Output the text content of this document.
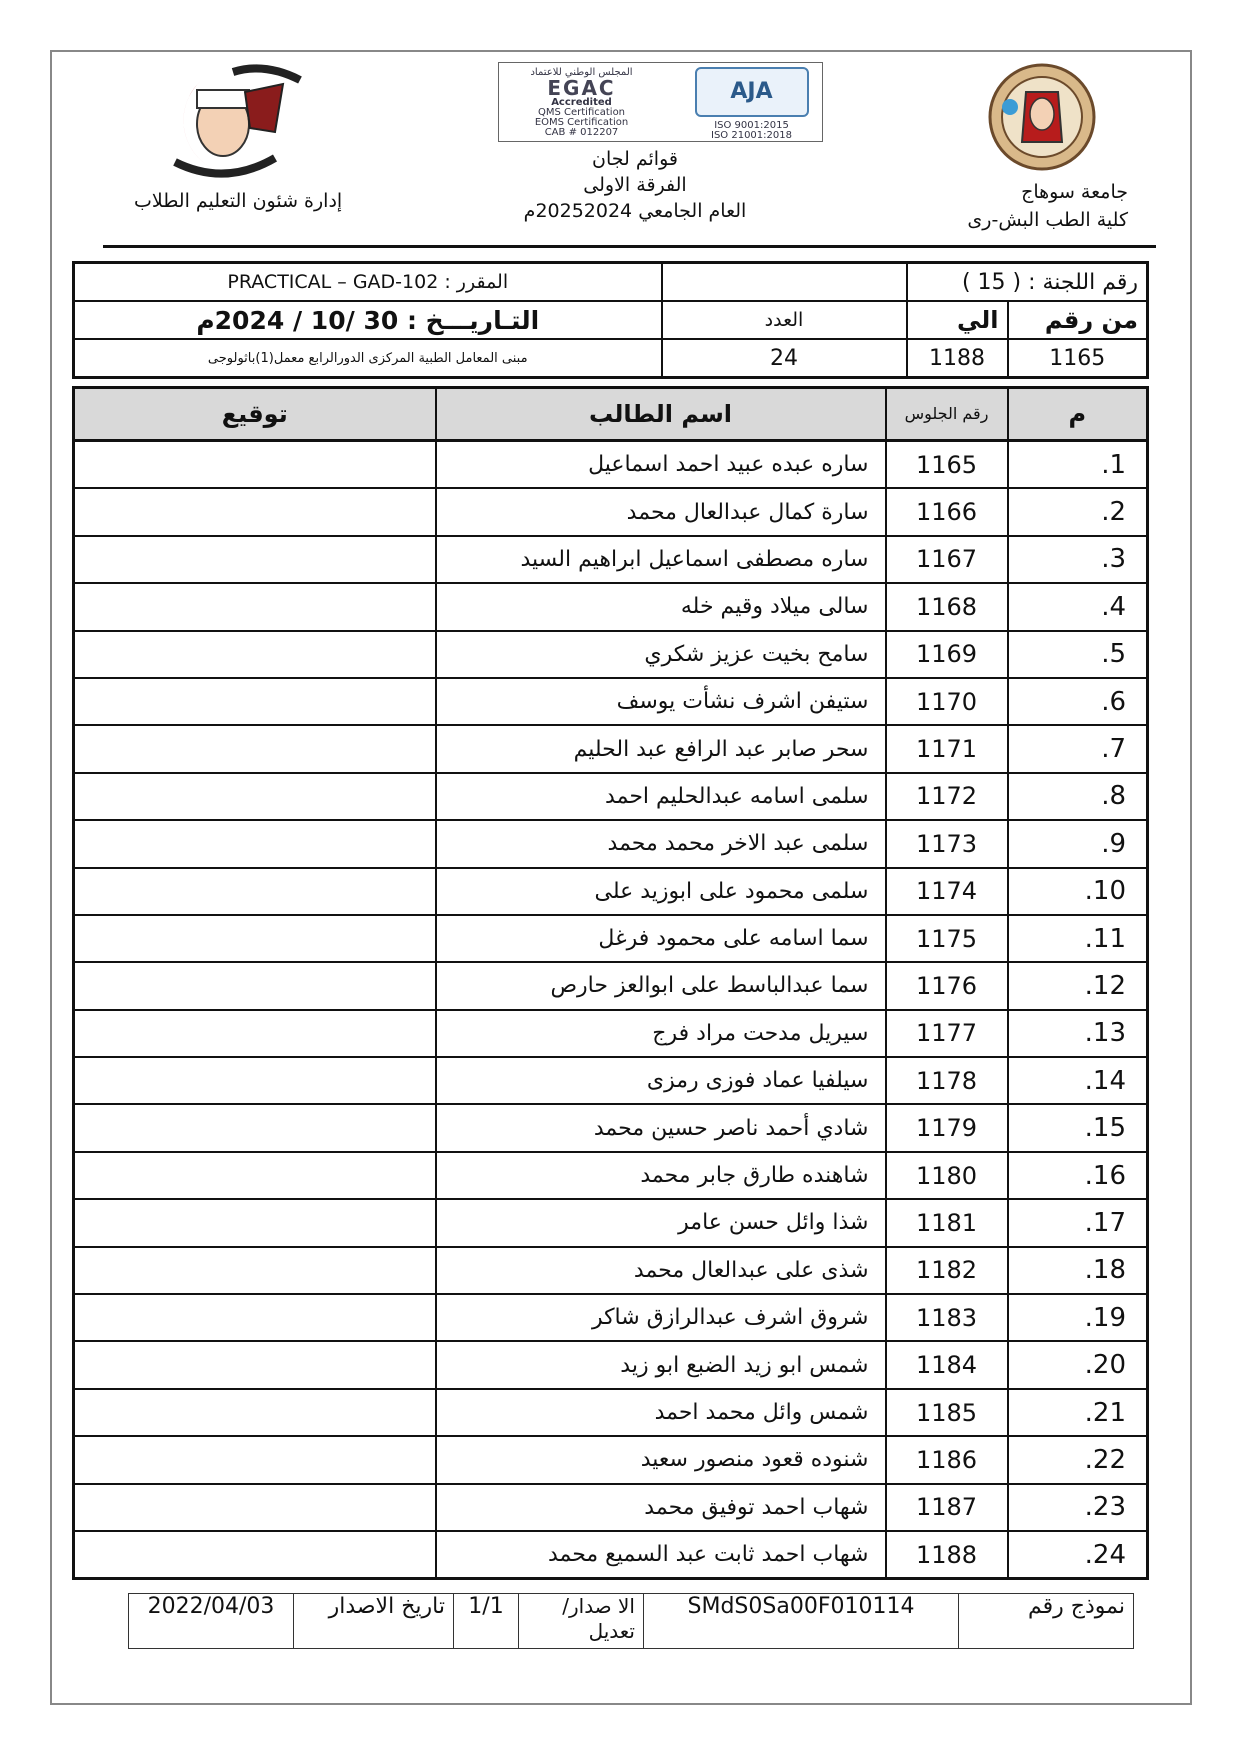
المجلس الوطني للاعتماد
EGAC
Accredited
QMS Certification
EOMS Certification
CAB # 012207
AJA
ISO 9001:2015
ISO 21001:2018
إدارة شئون التعليم الطلاب
قوائم لجان
الفرقة الاولى
العام الجامعي 20252024م
جامعة سوهاج
كلية الطب البش-رى
رقم اللجنة : ( 15 )			المقرر : PRACTICAL – GAD-102
من رقم	الي	العدد	التـاريـــخ : 30 /10 / 2024م
1165	1188	24	مبنى المعامل الطبية المركزى الدورالرابع معمل(1)باثولوجى
م	رقم الجلوس	اسم الطالب	توقيع
1.	1165	ساره عبده عبيد احمد اسماعيل	
2.	1166	سارة كمال عبدالعال محمد	
3.	1167	ساره مصطفى اسماعيل ابراهيم السيد	
4.	1168	سالى ميلاد وقيم خله	
5.	1169	سامح بخيت عزيز شكري	
6.	1170	ستيفن اشرف نشأت يوسف	
7.	1171	سحر صابر عبد الرافع عبد الحليم	
8.	1172	سلمى اسامه عبدالحليم احمد	
9.	1173	سلمى عبد الاخر محمد محمد	
10.	1174	سلمى محمود على ابوزيد على	
11.	1175	سما اسامه على محمود فرغل	
12.	1176	سما عبدالباسط على ابوالعز حارص	
13.	1177	سيريل مدحت مراد فرج	
14.	1178	سيلفيا عماد فوزى رمزى	
15.	1179	شادي أحمد ناصر حسين محمد	
16.	1180	شاهنده طارق جابر محمد	
17.	1181	شذا وائل حسن عامر	
18.	1182	شذى على عبدالعال محمد	
19.	1183	شروق اشرف عبدالرازق شاكر	
20.	1184	شمس ابو زيد الضبع ابو زيد	
21.	1185	شمس وائل محمد احمد	
22.	1186	شنوده قعود منصور سعيد	
23.	1187	شهاب احمد توفيق محمد	
24.	1188	شهاب احمد ثابت عبد السميع محمد	
نموذج رقم	SMdS0Sa00F010114	الا صدار/تعديل	1/1	تاريخ الاصدار	2022/04/03
